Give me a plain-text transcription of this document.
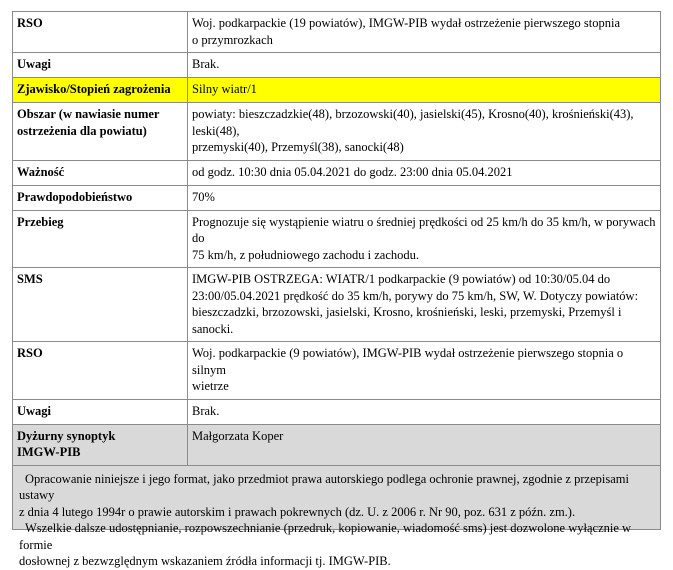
RSO	Woj. podkarpackie (19 powiatów), IMGW-PIB wydał ostrzeżenie pierwszego stopnia
o przymrozkach

Uwagi	Brak.
Zjawisko/Stopień zagrożenia	Silny wiatr/1

Obszar (w nawiasie numer
ostrzeżenia dla powiatu)	powiaty: bieszczadzkie(48), brzozowski(40), jasielski(45), Krosno(40), krośnieński(43), leski(48),
przemyski(40), Przemyśl(38), sanocki(48)

Ważność	od godz. 10:30 dnia 05.04.2021 do godz. 23:00 dnia 05.04.2021
Prawdopodobieństwo	70%
Przebieg	Prognozuje się wystąpienie wiatru o średniej prędkości od 25 km/h do 35 km/h, w porywach do
75 km/h, z południowego zachodu i zachodu.

SMS	IMGW-PIB OSTRZEGA: WIATR/1 podkarpackie (9 powiatów) od 10:30/05.04 do
23:00/05.04.2021 prędkość do 35 km/h, porywy do 75 km/h, SW, W. Dotyczy powiatów:
bieszczadzki, brzozowski, jasielski, Krosno, krośnieński, leski, przemyski, Przemyśl i sanocki.

RSO	Woj. podkarpackie (9 powiatów), IMGW-PIB wydał ostrzeżenie pierwszego stopnia o silnym
wietrze

Uwagi	Brak.

Dyżurny synoptyk
IMGW-PIB	Małgorzata Koper

Opracowanie niniejsze i jego format, jako przedmiot prawa autorskiego podlega ochronie prawnej, zgodnie z przepisami ustawy
z dnia 4 lutego 1994r o prawie autorskim i prawach pokrewnych (dz. U. z 2006 r. Nr 90, poz. 631 z późn. zm.).

Wszelkie dalsze udostępnianie, rozpowszechnianie (przedruk, kopiowanie, wiadomość sms) jest dozwolone wyłącznie w formie
dosłownej z bezwzględnym wskazaniem źródła informacji tj. IMGW-PIB.
